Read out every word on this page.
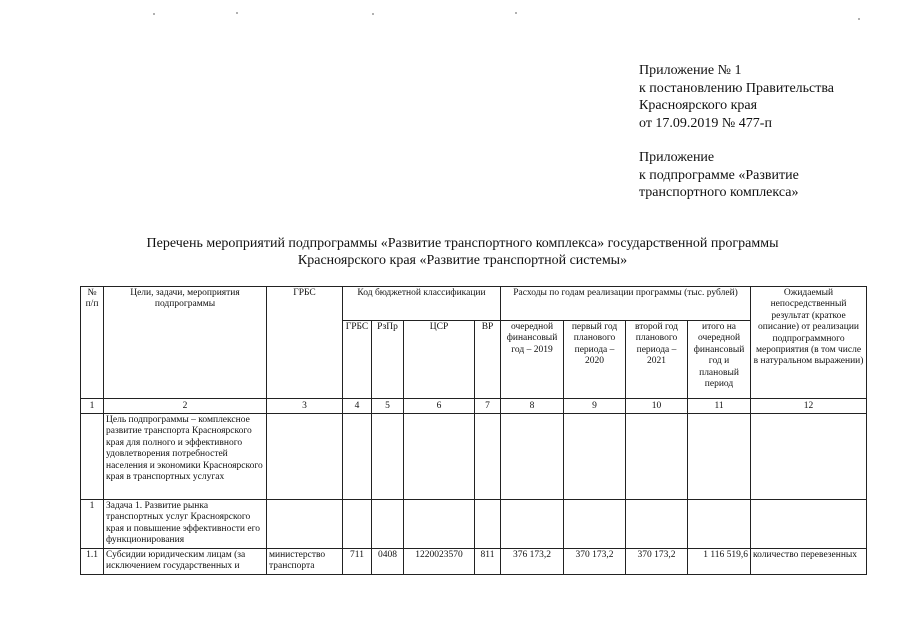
Приложение № 1
к постановлению Правительства
Красноярского края
от 17.09.2019 № 477-п
Приложение
к подпрограмме «Развитие
транспортного комплекса»
Перечень мероприятий подпрограммы «Развитие транспортного комплекса» государственной программы
Красноярского края «Развитие транспортной системы»
№ п/п	Цели, задачи, мероприятия подпрограммы	ГРБС	Код бюджетной классификации				Расходы по годам реализации программы (тыс. рублей)				Ожидаемый непосредственный результат (краткое описание) от реализации подпрограммного мероприятия (в том числе в натуральном выражении)
			ГРБС	РзПр	ЦСР	ВР	очередной финансовый год – 2019	первый год планового периода – 2020	второй год планового периода – 2021	итого на очередной финансовый год и плановый период	
1	2	3	4	5	6	7	8	9	10	11	12
	Цель подпрограммы – комплексное развитие транспорта Красноярского края для полного и эффективного удовлетворения потребностей населения и экономики Красноярского края в транспортных услугах										
1	Задача 1. Развитие рынка транспортных услуг Красноярского края и повышение эффективности его функционирования										
1.1	Субсидии юридическим лицам (за исключением государственных и	министерство транспорта	711	0408	1220023570	811	376 173,2	370 173,2	370 173,2	1 116 519,6	количество перевезенных
